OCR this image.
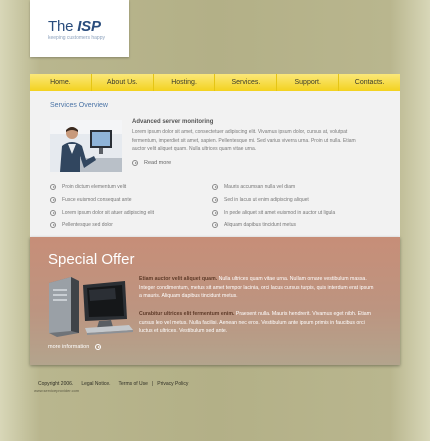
The ISP
keeping customers happy
Home.	About Us.	Hosting.	Services.	Support.	Contacts.
Services Overview
Advanced server monitoring
Lorem ipsum dolor sit amet, consectetuer adipiscing elit. Vivamus ipsum dolor, cursus at, volutpat fermentum, imperdiet sit amet, sapien. Pellentesque mi. Sed varius viverra urna. Proin ut nulla. Etiam auctor velit aliquet quam. Nulla ultrices quam vitae urna.
Read more
Proin dictum elementum velit
Fusce euismod consequat ante
Lorem ipsum dolor sit atuer adipiscing elit
Pellentesque sed dolor
Mauris accumsan nulla vel diam
Sed in lacus ut enim adipiscing aliquet
In pede aliquet sit amet euismod in auctor ut ligula
Aliquam dapibus tincidunt metus
Special Offer
Etiam auctor velit aliquet quam. Nulla ultrices quam vitae urna. Nullam ornare vestibulum massa. Integer condimentum, metus sit amet tempor lacinia, orci lacus cursus turpis, quis interdum erat ipsum a mauris. Aliquam dapibus tincidunt metus.
Curabitur ultrices elit fermentum enim. Praesent nulla. Mauris hendrerit. Vivamus eget nibh. Etiam cursus leo vel metus. Nulla facilisi. Aenean nec eros. Vestibulum ante ipsum primis in faucibus orci luctus et ultrices. Vestibulum sed ante.
more information
Copyright 2006.	Legal Notice.	Terms of Use | Privacy Policy
www.serviceprovider.com
